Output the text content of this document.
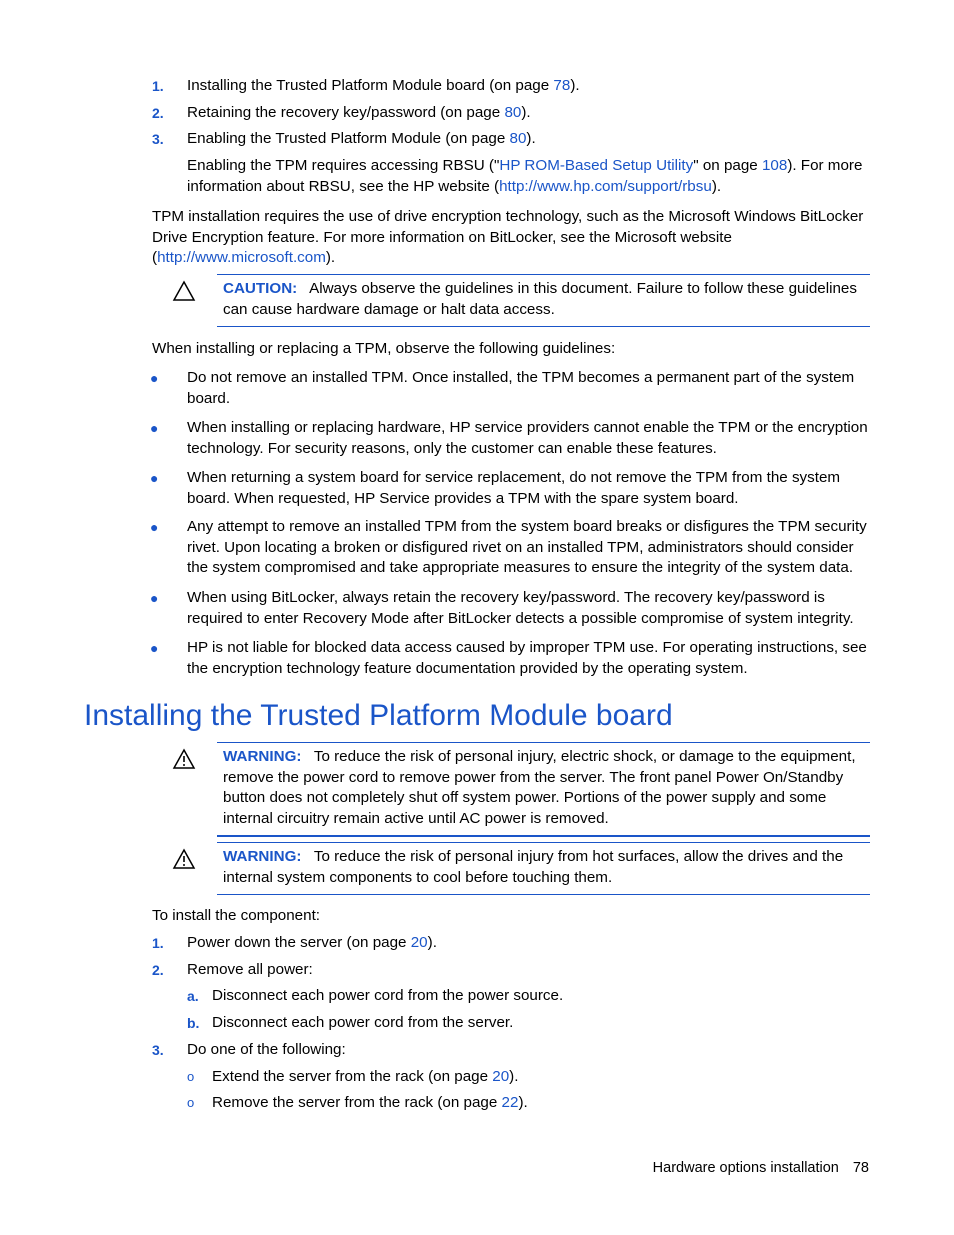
1.	Installing the Trusted Platform Module board (on page 78).
2.	Retaining the recovery key/password (on page 80).
3.	Enabling the Trusted Platform Module (on page 80).
Enabling the TPM requires accessing RBSU ("HP ROM-Based Setup Utility" on page 108). For more information about RBSU, see the HP website (http://www.hp.com/support/rbsu).
TPM installation requires the use of drive encryption technology, such as the Microsoft Windows BitLocker Drive Encryption feature. For more information on BitLocker, see the Microsoft website (http://www.microsoft.com).
CAUTION: Always observe the guidelines in this document. Failure to follow these guidelines can cause hardware damage or halt data access.
When installing or replacing a TPM, observe the following guidelines:
●	Do not remove an installed TPM. Once installed, the TPM becomes a permanent part of the system board.
●	When installing or replacing hardware, HP service providers cannot enable the TPM or the encryption technology. For security reasons, only the customer can enable these features.
●	When returning a system board for service replacement, do not remove the TPM from the system board. When requested, HP Service provides a TPM with the spare system board.
●	Any attempt to remove an installed TPM from the system board breaks or disfigures the TPM security rivet. Upon locating a broken or disfigured rivet on an installed TPM, administrators should consider the system compromised and take appropriate measures to ensure the integrity of the system data.
●	When using BitLocker, always retain the recovery key/password. The recovery key/password is required to enter Recovery Mode after BitLocker detects a possible compromise of system integrity.
●	HP is not liable for blocked data access caused by improper TPM use. For operating instructions, see the encryption technology feature documentation provided by the operating system.
Installing the Trusted Platform Module board
WARNING: To reduce the risk of personal injury, electric shock, or damage to the equipment, remove the power cord to remove power from the server. The front panel Power On/Standby button does not completely shut off system power. Portions of the power supply and some internal circuitry remain active until AC power is removed.
WARNING: To reduce the risk of personal injury from hot surfaces, allow the drives and the internal system components to cool before touching them.
To install the component:
1.	Power down the server (on page 20).
2.	Remove all power:
a. Disconnect each power cord from the power source.
b. Disconnect each power cord from the server.
3.	Do one of the following:
o	Extend the server from the rack (on page 20).
o	Remove the server from the rack (on page 22).
Hardware options installation 78
